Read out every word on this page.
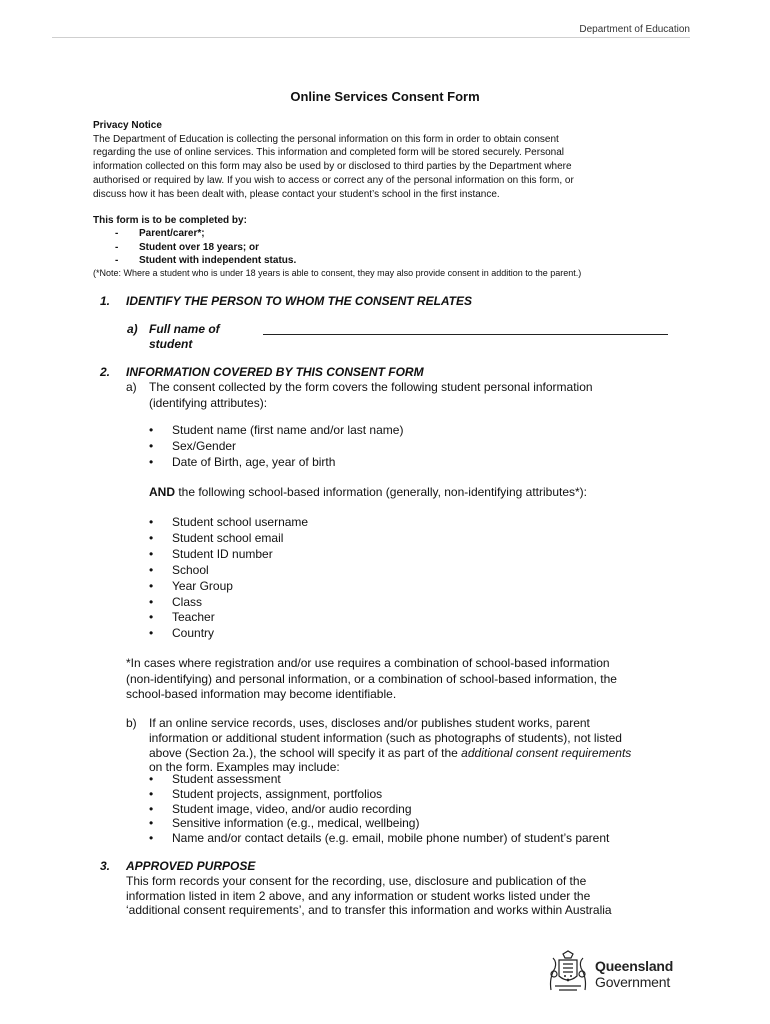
Department of Education
Online Services Consent Form
Privacy Notice
The Department of Education is collecting the personal information on this form in order to obtain consent
regarding the use of online services. This information and completed form will be stored securely. Personal
information collected on this form may also be used by or disclosed to third parties by the Department where
authorised or required by law. If you wish to access or correct any of the personal information on this form, or
discuss how it has been dealt with, please contact your student’s school in the first instance.
This form is to be completed by:
- Parent/carer*;
- Student over 18 years; or
- Student with independent status.
(*Note: Where a student who is under 18 years is able to consent, they may also provide consent in addition to the parent.)
1. IDENTIFY THE PERSON TO WHOM THE CONSENT RELATES
a) Full name of
student
2. INFORMATION COVERED BY THIS CONSENT FORM
a) The consent collected by the form covers the following student personal information
(identifying attributes):
• Student name (first name and/or last name)
• Sex/Gender
• Date of Birth, age, year of birth
AND the following school-based information (generally, non-identifying attributes*):
• Student school username
• Student school email
• Student ID number
• School
• Year Group
• Class
• Teacher
• Country
*In cases where registration and/or use requires a combination of school-based information
(non-identifying) and personal information, or a combination of school-based information, the
school-based information may become identifiable.
b) If an online service records, uses, discloses and/or publishes student works, parent
information or additional student information (such as photographs of students), not listed
above (Section 2a.), the school will specify it as part of the additional consent requirements
on the form. Examples may include:
• Student assessment
• Student projects, assignment, portfolios
• Student image, video, and/or audio recording
• Sensitive information (e.g., medical, wellbeing)
• Name and/or contact details (e.g. email, mobile phone number) of student’s parent
3. APPROVED PURPOSE
This form records your consent for the recording, use, disclosure and publication of the
information listed in item 2 above, and any information or student works listed under the
‘additional consent requirements’, and to transfer this information and works within Australia
Queensland
Government
